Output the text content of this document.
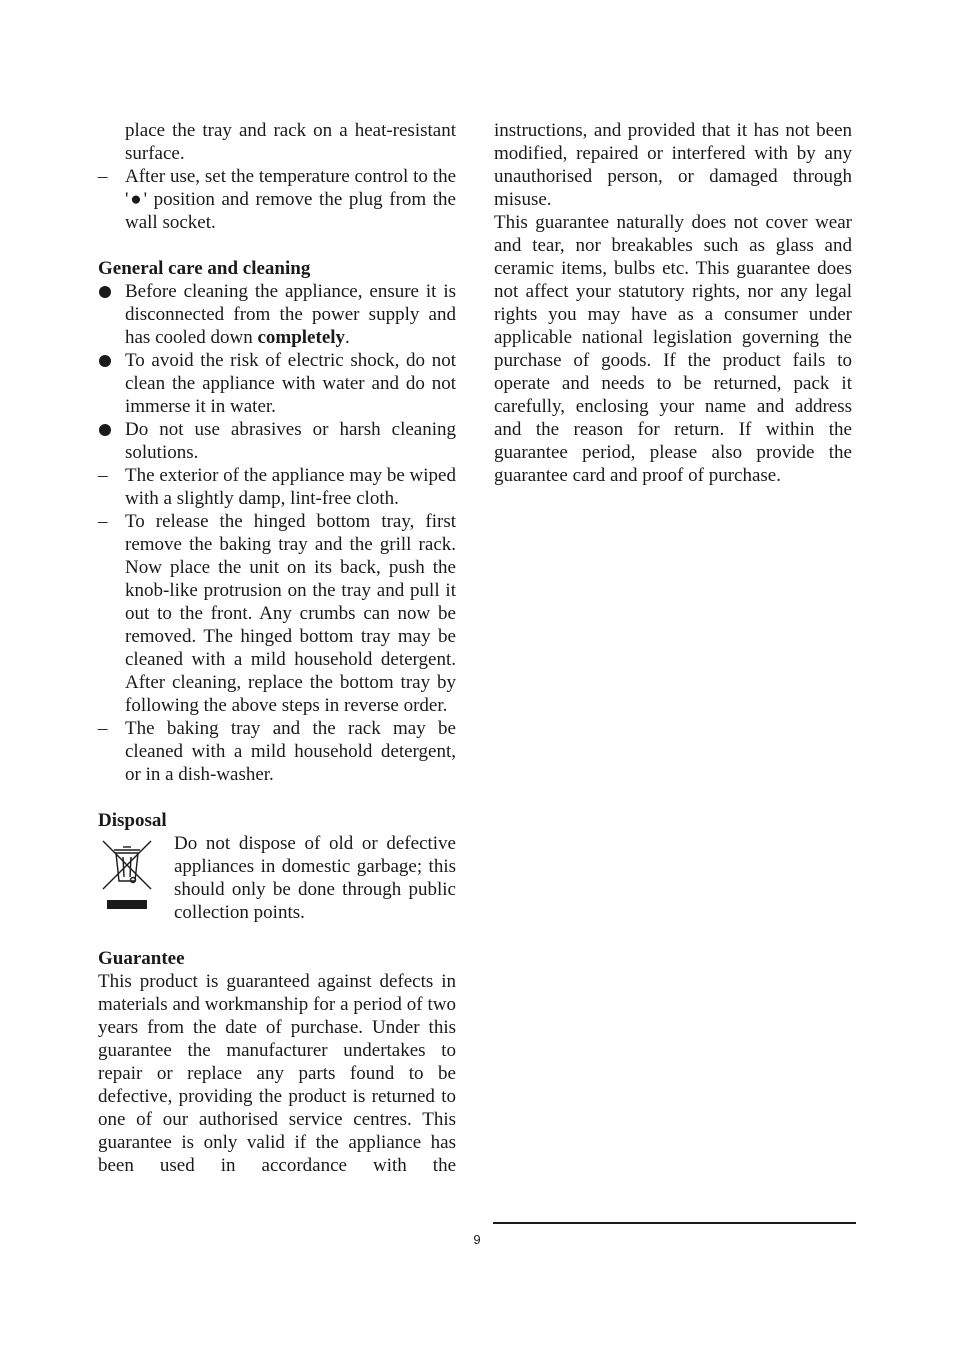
place the tray and rack on a heat-resistant surface.

– After use, set the temperature control to the '●' position and remove the plug from the wall socket.

General care and cleaning

Before cleaning the appliance, ensure it is disconnected from the power supply and has cooled down completely.
To avoid the risk of electric shock, do not clean the appliance with water and do not immerse it in water.
Do not use abrasives or harsh cleaning solutions.
– The exterior of the appliance may be wiped with a slightly damp, lint-free cloth.
– To release the hinged bottom tray, first remove the baking tray and the grill rack. Now place the unit on its back, push the knob-like protrusion on the tray and pull it out to the front. Any crumbs can now be removed. The hinged bottom tray may be cleaned with a mild household detergent. After cleaning, replace the bottom tray by following the above steps in reverse order.
– The baking tray and the rack may be cleaned with a mild household detergent, or in a dish-washer.

Disposal

Do not dispose of old or defective appliances in domestic garbage; this should only be done through public collection points.

Guarantee

This product is guaranteed against defects in materials and workmanship for a period of two years from the date of purchase. Under this guarantee the manufacturer undertakes to repair or replace any parts found to be defective, providing the product is returned to one of our authorised service centres. This guarantee is only valid if the appliance has been used in accordance with the

instructions, and provided that it has not been modified, repaired or interfered with by any unauthorised person, or damaged through misuse.

This guarantee naturally does not cover wear and tear, nor breakables such as glass and ceramic items, bulbs etc. This guarantee does not affect your statutory rights, nor any legal rights you may have as a consumer under applicable national legislation governing the purchase of goods. If the product fails to operate and needs to be returned, pack it carefully, enclosing your name and address and the reason for return. If within the guarantee period, please also provide the guarantee card and proof of purchase.

9
